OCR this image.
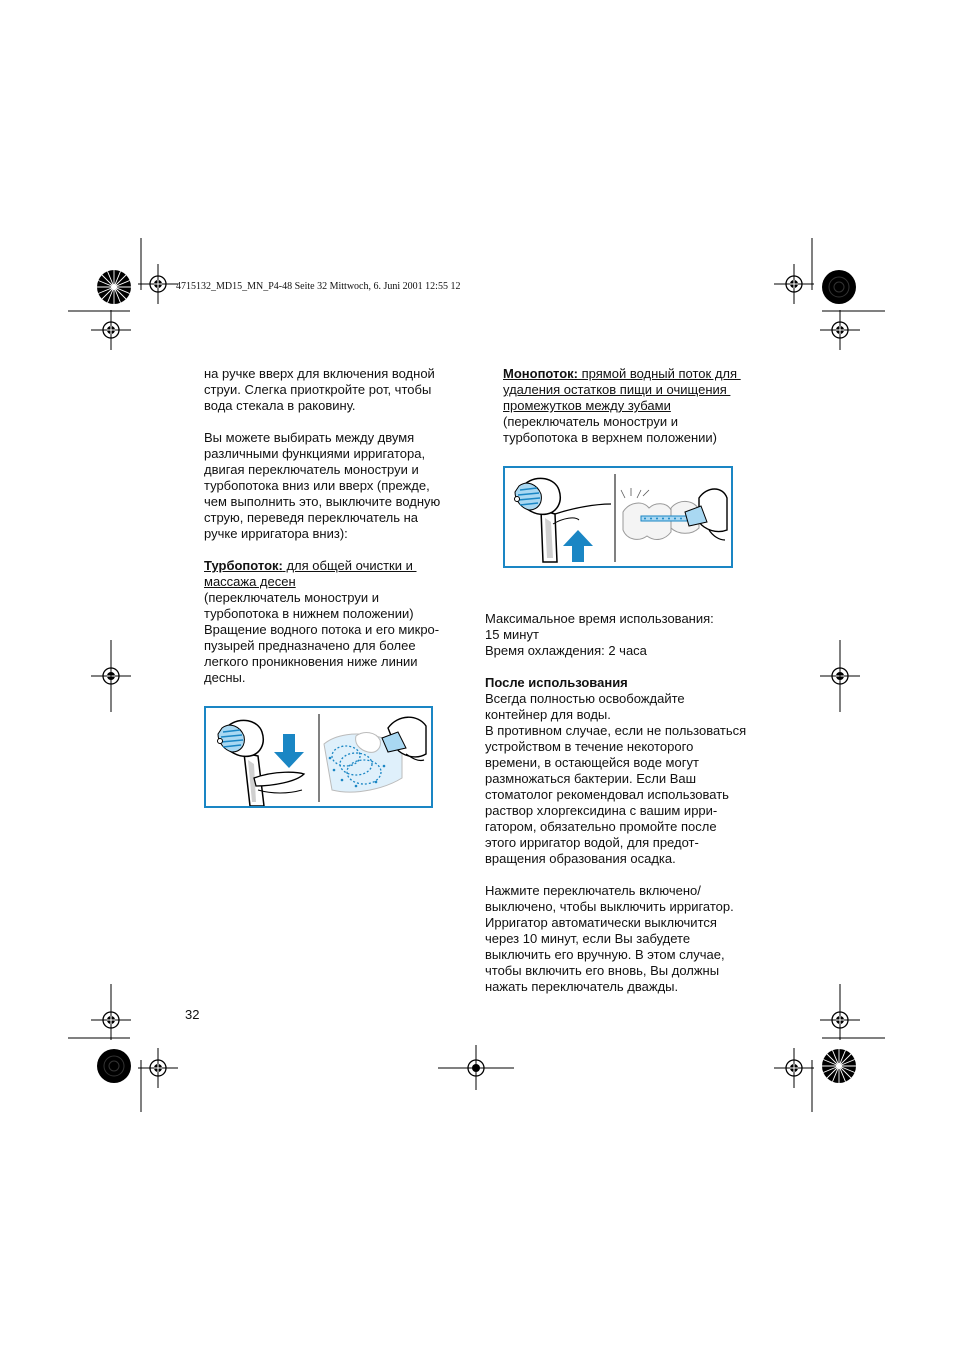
4715132_MD15_MN_P4-48 Seite 32 Mittwoch, 6. Juni 2001 12:55 12

на ручке вверх для включения водной

струи. Слегка приоткройте рот, чтобы

вода стекала в раковину.

Вы можете выбирать между двумя

различными функциями ирригатора,

двигая переключатель моноструи и

турбопотока вниз или вверх (прежде,

чем выполнить это, выключите водную

струю, переведя переключатель на

ручке ирригатора вниз):

Турбопоток: для общей очистки и

массажа десен

(переключатель моноструи и

турбопотока в нижнем положении)

Вращение водного потока и его микро-

пузырей предназначено для более

легкого проникновения ниже линии

десны.

Монопоток: прямой водный поток для

удаления остатков пищи и очищения

промежутков между зубами

(переключатель моноструи и

турбопотока в верхнем положении)

Максимальное время использования:

15 минут

Время охлаждения: 2 часа

После использования

Всегда полностью освобождайте

контейнер для воды.

В противном случае, если не пользоваться

устройством в течение некоторого

времени, в остающейся воде могут

размножаться бактерии. Если Ваш

стоматолог рекомендовал использовать

раствор хлоргексидина с вашим ирри-

гатором, обязательно промойте после

этого ирригатор водой, для предот-

вращения образования осадка.

Нажмите переключатель включено/

выключено, чтобы выключить ирригатор.

Ирригатор автоматически выключится

через 10 минут, если Вы забудете

выключить его вручную. В этом случае,

чтобы включить его вновь, Вы должны

нажать переключатель дважды.

32
